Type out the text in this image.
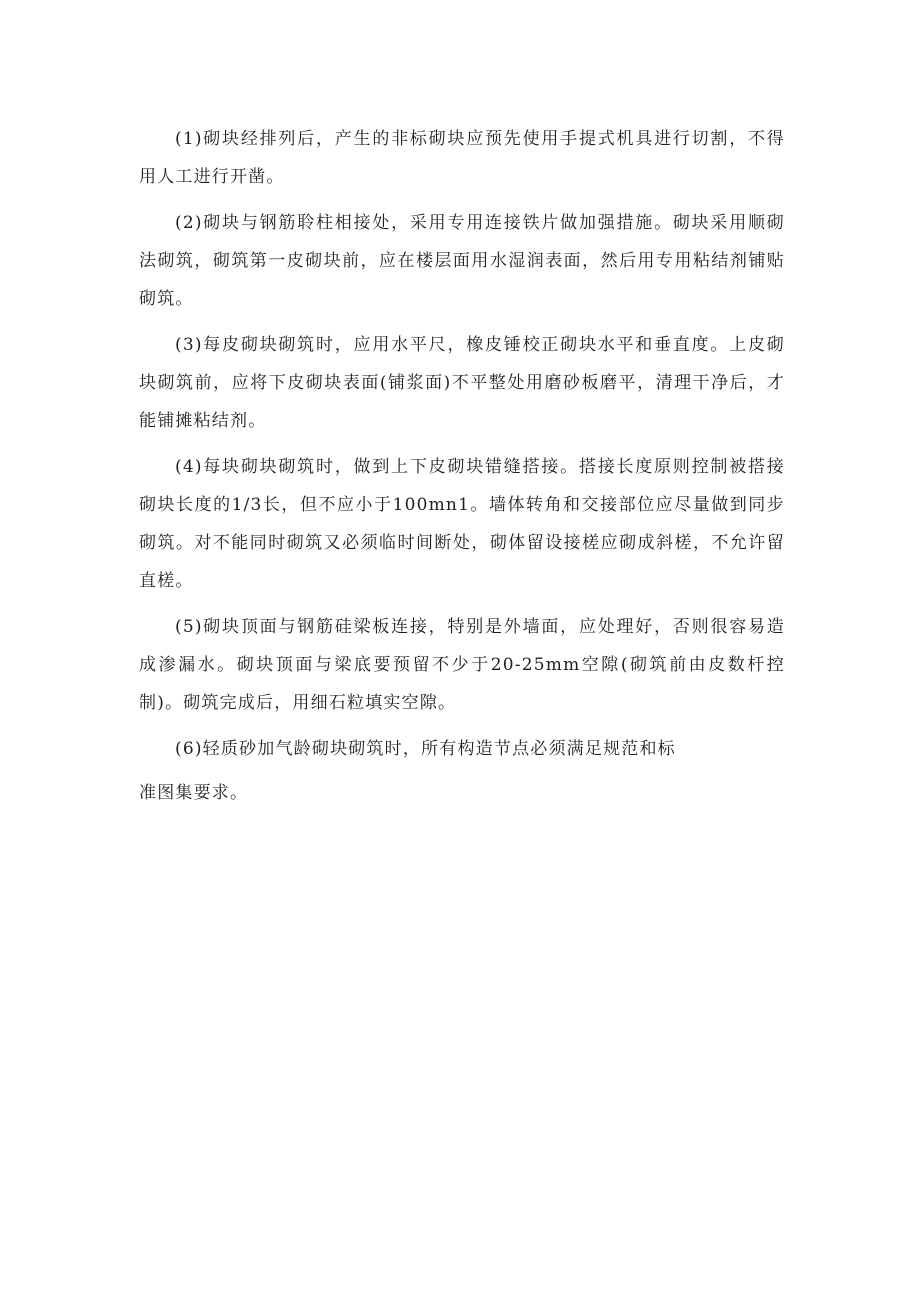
(1)砌块经排列后，产生的非标砌块应预先使用手提式机具进行切割，不得用人工进行开凿。

(2)砌块与钢筋聆柱相接处，采用专用连接铁片做加强措施。砌块采用顺砌法砌筑，砌筑第一皮砌块前，应在楼层面用水湿润表面，然后用专用粘结剂铺贴砌筑。

(3)每皮砌块砌筑时，应用水平尺，橡皮锤校正砌块水平和垂直度。上皮砌块砌筑前，应将下皮砌块表面(铺浆面)不平整处用磨砂板磨平，清理干净后，才能铺摊粘结剂。

(4)每块砌块砌筑时，做到上下皮砌块错缝搭接。搭接长度原则控制被搭接砌块长度的1/3长，但不应小于100mn1。墙体转角和交接部位应尽量做到同步砌筑。对不能同时砌筑又必须临时间断处，砌体留设接槎应砌成斜槎，不允许留直槎。

(5)砌块顶面与钢筋硅梁板连接，特别是外墙面，应处理好，否则很容易造成渗漏水。砌块顶面与梁底要预留不少于20-25mm空隙(砌筑前由皮数杆控制)。砌筑完成后，用细石粒填实空隙。

(6)轻质砂加气龄砌块砌筑时，所有构造节点必须满足规范和标

准图集要求。
